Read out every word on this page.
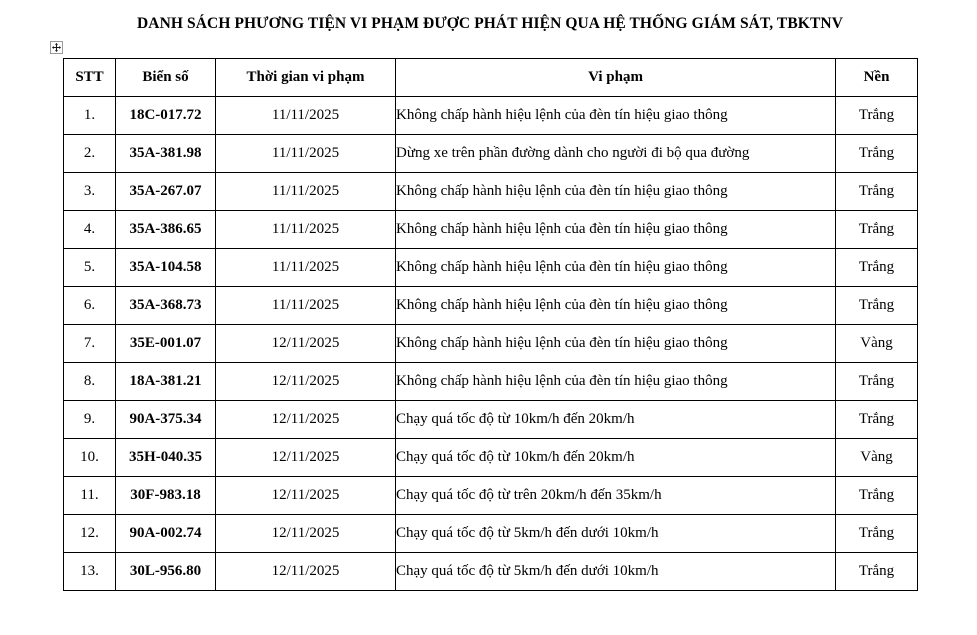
DANH SÁCH PHƯƠNG TIỆN VI PHẠM ĐƯỢC PHÁT HIỆN QUA HỆ THỐNG GIÁM SÁT, TBKTNV
STT	Biển số	Thời gian vi phạm	Vi phạm	Nền
1.	18C-017.72	11/11/2025	Không chấp hành hiệu lệnh của đèn tín hiệu giao thông	Trắng
2.	35A-381.98	11/11/2025	Dừng xe trên phần đường dành cho người đi bộ qua đường	Trắng
3.	35A-267.07	11/11/2025	Không chấp hành hiệu lệnh của đèn tín hiệu giao thông	Trắng
4.	35A-386.65	11/11/2025	Không chấp hành hiệu lệnh của đèn tín hiệu giao thông	Trắng
5.	35A-104.58	11/11/2025	Không chấp hành hiệu lệnh của đèn tín hiệu giao thông	Trắng
6.	35A-368.73	11/11/2025	Không chấp hành hiệu lệnh của đèn tín hiệu giao thông	Trắng
7.	35E-001.07	12/11/2025	Không chấp hành hiệu lệnh của đèn tín hiệu giao thông	Vàng
8.	18A-381.21	12/11/2025	Không chấp hành hiệu lệnh của đèn tín hiệu giao thông	Trắng
9.	90A-375.34	12/11/2025	Chạy quá tốc độ từ 10km/h đến 20km/h	Trắng
10.	35H-040.35	12/11/2025	Chạy quá tốc độ từ 10km/h đến 20km/h	Vàng
11.	30F-983.18	12/11/2025	Chạy quá tốc độ từ trên 20km/h đến 35km/h	Trắng
12.	90A-002.74	12/11/2025	Chạy quá tốc độ từ 5km/h đến dưới 10km/h	Trắng
13.	30L-956.80	12/11/2025	Chạy quá tốc độ từ 5km/h đến dưới 10km/h	Trắng
